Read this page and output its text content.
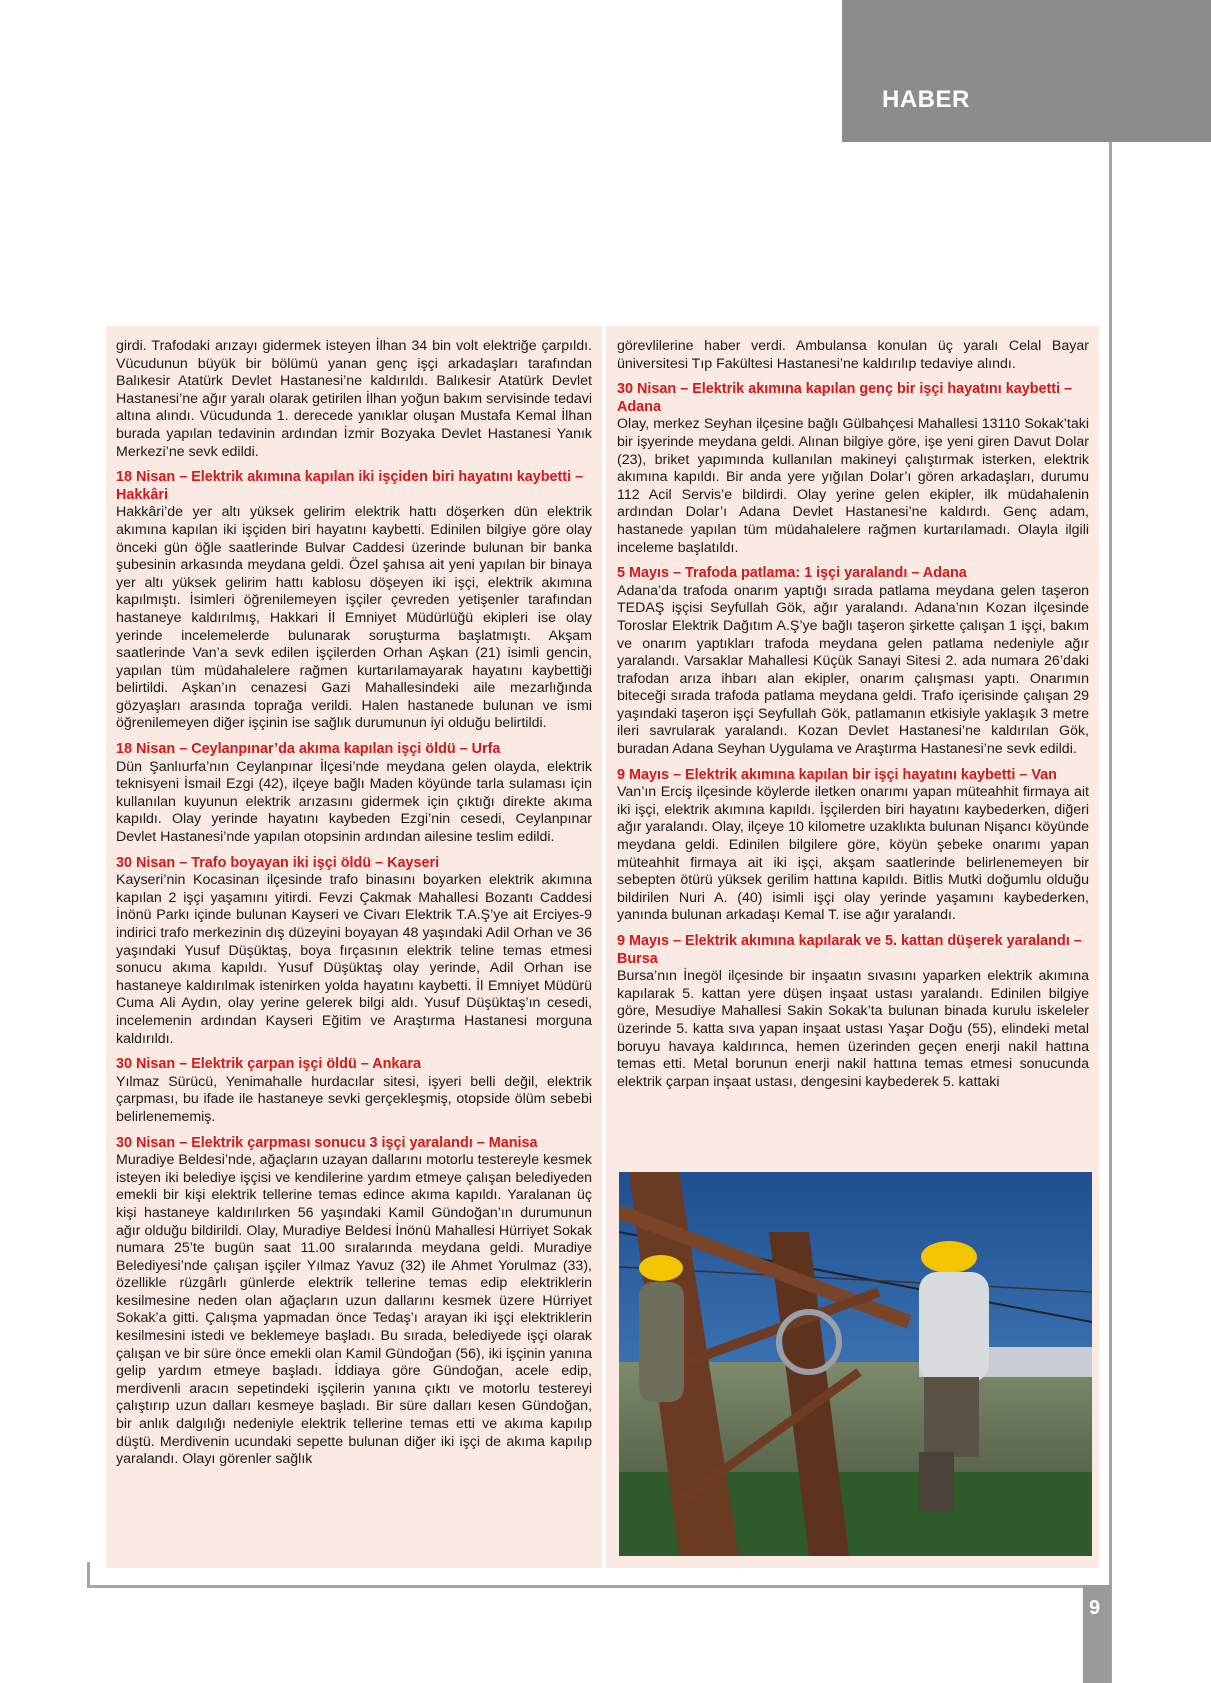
HABER
9

girdi. Trafodaki arızayı gidermek isteyen İlhan 34 bin volt elektriğe çarpıldı. Vücudunun büyük bir bölümü yanan genç işçi arkadaşları tarafından Balıkesir Atatürk Devlet Hastanesi’ne kaldırıldı. Balıkesir Atatürk Devlet Hastanesi’ne ağır yaralı olarak getirilen İlhan yoğun bakım servisinde tedavi altına alındı. Vücudunda 1. derecede yanıklar oluşan Mustafa Kemal İlhan burada yapılan tedavinin ardından İzmir Bozyaka Devlet Hastanesi Yanık Merkezi’ne sevk edildi.

18 Nisan – Elektrik akımına kapılan iki işçiden biri hayatını kaybetti – Hakkâri

Hakkâri’de yer altı yüksek gelirim elektrik hattı döşerken dün elektrik akımına kapılan iki işçiden biri hayatını kaybetti. Edinilen bilgiye göre olay önceki gün öğle saatlerinde Bulvar Caddesi üzerinde bulunan bir banka şubesinin arkasında meydana geldi. Özel şahısa ait yeni yapılan bir binaya yer altı yüksek gelirim hattı kablosu döşeyen iki işçi, elektrik akımına kapılmıştı. İsimleri öğrenilemeyen işçiler çevreden yetişenler tarafından hastaneye kaldırılmış, Hakkari İl Emniyet Müdürlüğü ekipleri ise olay yerinde incelemelerde bulunarak soruşturma başlatmıştı. Akşam saatlerinde Van’a sevk edilen işçilerden Orhan Aşkan (21) isimli gencin, yapılan tüm müdahalelere rağmen kurtarılamayarak hayatını kaybettiği belirtildi. Aşkan’ın cenazesi Gazi Mahallesindeki aile mezarlığında gözyaşları arasında toprağa verildi. Halen hastanede bulunan ve ismi öğrenilemeyen diğer işçinin ise sağlık durumunun iyi olduğu belirtildi.

18 Nisan – Ceylanpınar’da akıma kapılan işçi öldü – Urfa

Dün Şanlıurfa’nın Ceylanpınar İlçesi’nde meydana gelen olayda, elektrik teknisyeni İsmail Ezgi (42), ilçeye bağlı Maden köyünde tarla sulaması için kullanılan kuyunun elektrik arızasını gidermek için çıktığı direkte akıma kapıldı. Olay yerinde hayatını kaybeden Ezgi’nin cesedi, Ceylanpınar Devlet Hastanesi’nde yapılan otopsinin ardından ailesine teslim edildi.

30 Nisan – Trafo boyayan iki işçi öldü – Kayseri

Kayseri’nin Kocasinan ilçesinde trafo binasını boyarken elektrik akımına kapılan 2 işçi yaşamını yitirdi. Fevzi Çakmak Mahallesi Bozantı Caddesi İnönü Parkı içinde bulunan Kayseri ve Civarı Elektrik T.A.Ş’ye ait Erciyes-9 indirici trafo merkezinin dış düzeyini boyayan 48 yaşındaki Adil Orhan ve 36 yaşındaki Yusuf Düşüktaş, boya fırçasının elektrik teline temas etmesi sonucu akıma kapıldı. Yusuf Düşüktaş olay yerinde, Adil Orhan ise hastaneye kaldırılmak istenirken yolda hayatını kaybetti. İl Emniyet Müdürü Cuma Ali Aydın, olay yerine gelerek bilgi aldı. Yusuf Düşüktaş’ın cesedi, incelemenin ardından Kayseri Eğitim ve Araştırma Hastanesi morguna kaldırıldı.

30 Nisan – Elektrik çarpan işçi öldü – Ankara

Yılmaz Sürücü, Yenimahalle hurdacılar sitesi, işyeri belli değil, elektrik çarpması, bu ifade ile hastaneye sevki gerçekleşmiş, otopside ölüm sebebi belirlenememiş.

30 Nisan – Elektrik çarpması sonucu 3 işçi yaralandı – Manisa

Muradiye Beldesi’nde, ağaçların uzayan dallarını motorlu testereyle kesmek isteyen iki belediye işçisi ve kendilerine yardım etmeye çalışan belediyeden emekli bir kişi elektrik tellerine temas edince akıma kapıldı. Yaralanan üç kişi hastaneye kaldırılırken 56 yaşındaki Kamil Gündoğan’ın durumunun ağır olduğu bildirildi. Olay, Muradiye Beldesi İnönü Mahallesi Hürriyet Sokak numara 25’te bugün saat 11.00 sıralarında meydana geldi. Muradiye Belediyesi’nde çalışan işçiler Yılmaz Yavuz (32) ile Ahmet Yorulmaz (33), özellikle rüzgârlı günlerde elektrik tellerine temas edip elektriklerin kesilmesine neden olan ağaçların uzun dallarını kesmek üzere Hürriyet Sokak’a gitti. Çalışma yapmadan önce Tedaş’ı arayan iki işçi elektriklerin kesilmesini istedi ve beklemeye başladı. Bu sırada, belediyede işçi olarak çalışan ve bir süre önce emekli olan Kamil Gündoğan (56), iki işçinin yanına gelip yardım etmeye başladı. İddiaya göre Gündoğan, acele edip, merdivenli aracın sepetindeki işçilerin yanına çıktı ve motorlu testereyi çalıştırıp uzun dalları kesmeye başladı. Bir süre dalları kesen Gündoğan, bir anlık dalgılığı nedeniyle elektrik tellerine temas etti ve akıma kapılıp düştü. Merdivenin ucundaki sepette bulunan diğer iki işçi de akıma kapılıp yaralandı. Olayı görenler sağlık

görevlilerine haber verdi. Ambulansa konulan üç yaralı Celal Bayar üniversitesi Tıp Fakültesi Hastanesi’ne kaldırılıp tedaviye alındı.

30 Nisan – Elektrik akımına kapılan genç bir işçi hayatını kaybetti – Adana

Olay, merkez Seyhan ilçesine bağlı Gülbahçesi Mahallesi 13110 Sokak’taki bir işyerinde meydana geldi. Alınan bilgiye göre, işe yeni giren Davut Dolar (23), briket yapımında kullanılan makineyi çalıştırmak isterken, elektrik akımına kapıldı. Bir anda yere yığılan Dolar’ı gören arkadaşları, durumu 112 Acil Servis’e bildirdi. Olay yerine gelen ekipler, ilk müdahalenin ardından Dolar’ı Adana Devlet Hastanesi’ne kaldırdı. Genç adam, hastanede yapılan tüm müdahalelere rağmen kurtarılamadı. Olayla ilgili inceleme başlatıldı.

5 Mayıs – Trafoda patlama: 1 işçi yaralandı – Adana

Adana’da trafoda onarım yaptığı sırada patlama meydana gelen taşeron TEDAŞ işçisi Seyfullah Gök, ağır yaralandı. Adana’nın Kozan ilçesinde Toroslar Elektrik Dağıtım A.Ş’ye bağlı taşeron şirkette çalışan 1 işçi, bakım ve onarım yaptıkları trafoda meydana gelen patlama nedeniyle ağır yaralandı. Varsaklar Mahallesi Küçük Sanayi Sitesi 2. ada numara 26’daki trafodan arıza ihbarı alan ekipler, onarım çalışması yaptı. Onarımın biteceği sırada trafoda patlama meydana geldi. Trafo içerisinde çalışan 29 yaşındaki taşeron işçi Seyfullah Gök, patlamanın etkisiyle yaklaşık 3 metre ileri savrularak yaralandı. Kozan Devlet Hastanesi’ne kaldırılan Gök, buradan Adana Seyhan Uygulama ve Araştırma Hastanesi’ne sevk edildi.

9 Mayıs – Elektrik akımına kapılan bir işçi hayatını kaybetti – Van

Van’ın Erciş ilçesinde köylerde iletken onarımı yapan müteahhit firmaya ait iki işçi, elektrik akımına kapıldı. İşçilerden biri hayatını kaybederken, diğeri ağır yaralandı. Olay, ilçeye 10 kilometre uzaklıkta bulunan Nişancı köyünde meydana geldi. Edinilen bilgilere göre, köyün şebeke onarımı yapan müteahhit firmaya ait iki işçi, akşam saatlerinde belirlenemeyen bir sebepten ötürü yüksek gerilim hattına kapıldı. Bitlis Mutki doğumlu olduğu bildirilen Nuri A. (40) isimli işçi olay yerinde yaşamını kaybederken, yanında bulunan arkadaşı Kemal T. ise ağır yaralandı.

9 Mayıs – Elektrik akımına kapılarak ve 5. kattan düşerek yaralandı – Bursa

Bursa’nın İnegöl ilçesinde bir inşaatın sıvasını yaparken elektrik akımına kapılarak 5. kattan yere düşen inşaat ustası yaralandı. Edinilen bilgiye göre, Mesudiye Mahallesi Sakin Sokak’ta bulunan binada kurulu iskeleler üzerinde 5. katta sıva yapan inşaat ustası Yaşar Doğu (55), elindeki metal boruyu havaya kaldırınca, hemen üzerinden geçen enerji nakil hattına temas etti. Metal borunun enerji nakil hattına temas etmesi sonucunda elektrik çarpan inşaat ustası, dengesini kaybederek 5. kattaki
